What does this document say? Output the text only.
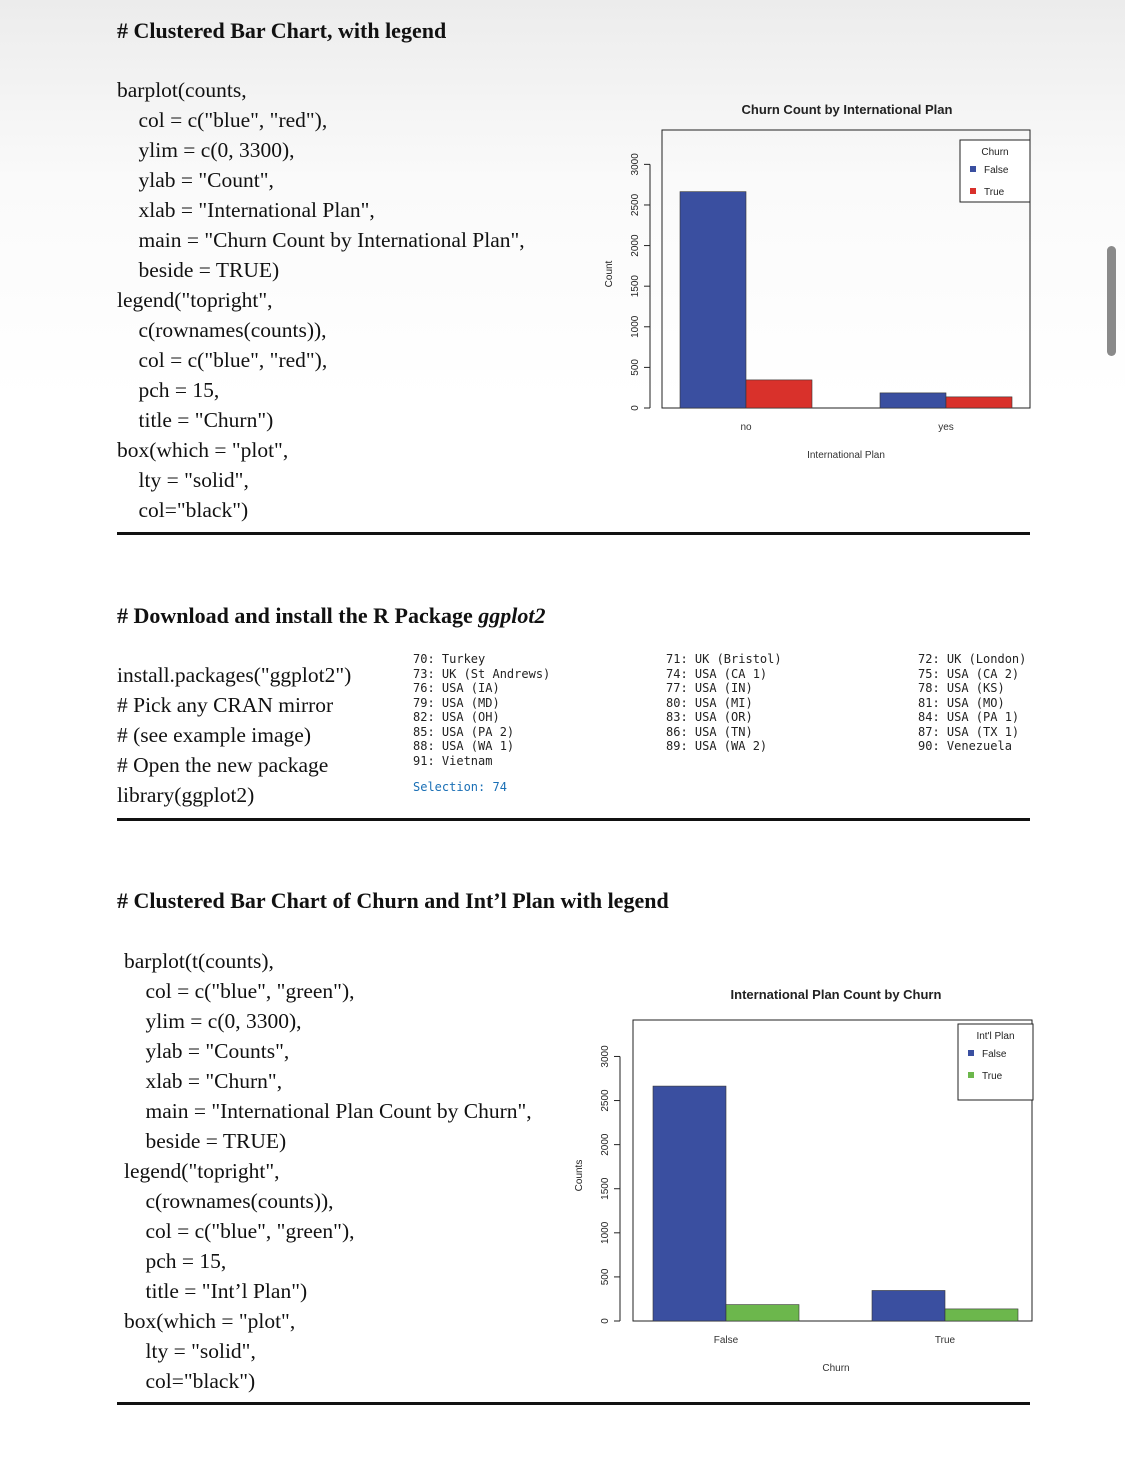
# Clustered Bar Chart, with legend
barplot(counts,
col = c("blue", "red"),
ylim = c(0, 3300),
ylab = "Count",
xlab = "International Plan",
main = "Churn Count by International Plan",
beside = TRUE)
legend("topright",
c(rownames(counts)),
col = c("blue", "red"),
pch = 15,
title = "Churn")
box(which = "plot",
lty = "solid",
col="black")
Churn Count by International Plan
0
500
1000
1500
2000
2500
3000
Count
no	yes
International Plan
Churn
False
True
# Download and install the R Package ggplot2
install.packages("ggplot2")
# Pick any CRAN mirror
# (see example image)
# Open the new package
library(ggplot2)
70: Turkey
73: UK (St Andrews)
76: USA (IA)
79: USA (MD)
82: USA (OH)
85: USA (PA 2)
88: USA (WA 1)
91: Vietnam
71: UK (Bristol)
74: USA (CA 1)
77: USA (IN)
80: USA (MI)
83: USA (OR)
86: USA (TN)
89: USA (WA 2)
72: UK (London)
75: USA (CA 2)
78: USA (KS)
81: USA (MO)
84: USA (PA 1)
87: USA (TX 1)
90: Venezuela
Selection: 74
# Clustered Bar Chart of Churn and Int’l Plan with legend
barplot(t(counts),
col = c("blue", "green"),
ylim = c(0, 3300),
ylab = "Counts",
xlab = "Churn",
main = "International Plan Count by Churn",
beside = TRUE)
legend("topright",
c(rownames(counts)),
col = c("blue", "green"),
pch = 15,
title = "Int’l Plan")
box(which = "plot",
lty = "solid",
col="black")
International Plan Count by Churn
0
500
1000
1500
2000
2500
3000
Counts
False	True
Churn
Int'l Plan
False
True
